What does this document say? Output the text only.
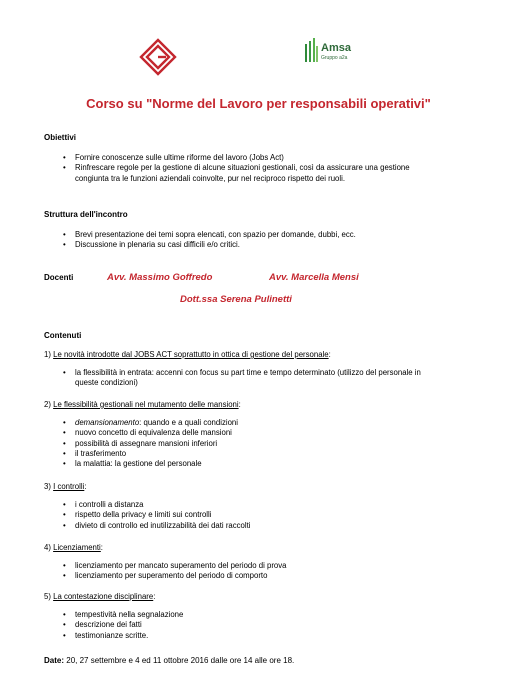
Amsa
Gruppo a2a
Corso su "Norme del Lavoro per responsabili operativi"
Obiettivi
• Fornire conoscenze sulle ultime riforme del lavoro (Jobs Act)
• Rinfrescare regole per la gestione di alcune situazioni gestionali, così da assicurare una gestione
congiunta tra le funzioni aziendali coinvolte, pur nel reciproco rispetto dei ruoli.
Struttura dell'incontro
• Brevi presentazione dei temi sopra elencati, con spazio per domande, dubbi, ecc.
• Discussione in plenaria su casi difficili e/o critici.
Docenti	Avv. Massimo Goffredo	Avv. Marcella Mensi
Dott.ssa Serena Pulinetti
Contenuti
1) Le novità introdotte dal JOBS ACT soprattutto in ottica di gestione del personale:
• la flessibilità in entrata: accenni con focus su part time e tempo determinato (utilizzo del personale in
queste condizioni)
2) Le flessibilità gestionali nel mutamento delle mansioni:
• demansionamento: quando e a quali condizioni
• nuovo concetto di equivalenza delle mansioni
• possibilità di assegnare mansioni inferiori
• il trasferimento
• la malattia: la gestione del personale
3) I controlli:
• i controlli a distanza
• rispetto della privacy e limiti sui controlli
• divieto di controllo ed inutilizzabilità dei dati raccolti
4) Licenziamenti:
• licenziamento per mancato superamento del periodo di prova
• licenziamento per superamento del periodo di comporto
5) La contestazione disciplinare:
• tempestività nella segnalazione
• descrizione dei fatti
• testimonianze scritte.
Date: 20, 27 settembre e 4 ed 11 ottobre 2016 dalle ore 14 alle ore 18.
